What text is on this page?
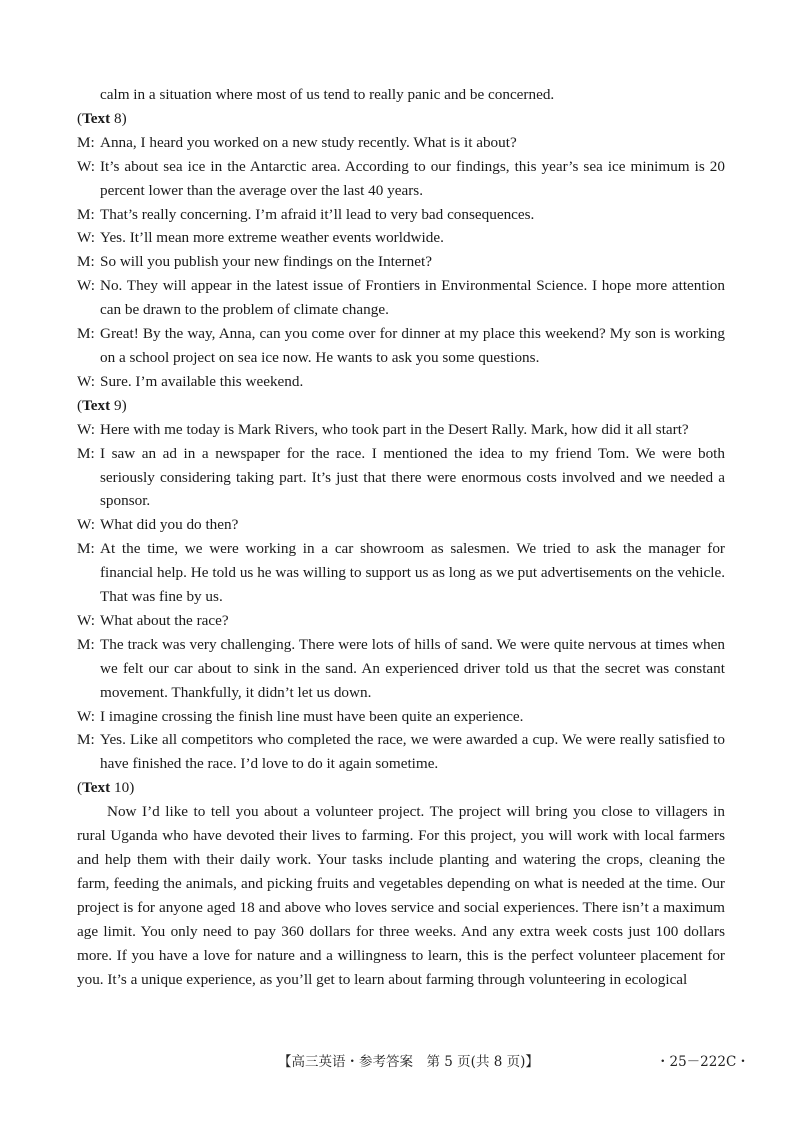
calm in a situation where most of us tend to really panic and be concerned.
(Text 8)
M: Anna, I heard you worked on a new study recently. What is it about?
W: It’s about sea ice in the Antarctic area. According to our findings, this year’s sea ice minimum is 20 percent lower than the average over the last 40 years.
M: That’s really concerning. I’m afraid it’ll lead to very bad consequences.
W: Yes. It’ll mean more extreme weather events worldwide.
M: So will you publish your new findings on the Internet?
W: No. They will appear in the latest issue of Frontiers in Environmental Science. I hope more attention can be drawn to the problem of climate change.
M: Great! By the way, Anna, can you come over for dinner at my place this weekend? My son is working on a school project on sea ice now. He wants to ask you some questions.
W: Sure. I’m available this weekend.
(Text 9)
W: Here with me today is Mark Rivers, who took part in the Desert Rally. Mark, how did it all start?
M: I saw an ad in a newspaper for the race. I mentioned the idea to my friend Tom. We were both seriously considering taking part. It’s just that there were enormous costs involved and we needed a sponsor.
W: What did you do then?
M: At the time, we were working in a car showroom as salesmen. We tried to ask the manager for financial help. He told us he was willing to support us as long as we put advertisements on the vehicle. That was fine by us.
W: What about the race?
M: The track was very challenging. There were lots of hills of sand. We were quite nervous at times when we felt our car about to sink in the sand. An experienced driver told us that the secret was constant movement. Thankfully, it didn’t let us down.
W: I imagine crossing the finish line must have been quite an experience.
M: Yes. Like all competitors who completed the race, we were awarded a cup. We were really satisfied to have finished the race. I’d love to do it again sometime.
(Text 10)
Now I’d like to tell you about a volunteer project. The project will bring you close to villagers in rural Uganda who have devoted their lives to farming. For this project, you will work with local farmers and help them with their daily work. Your tasks include planting and watering the crops, cleaning the farm, feeding the animals, and picking fruits and vegetables depending on what is needed at the time. Our project is for anyone aged 18 and above who loves service and social experiences. There isn’t a maximum age limit. You only need to pay 360 dollars for three weeks. And any extra week costs just 100 dollars more. If you have a love for nature and a willingness to learn, this is the perfect volunteer placement for you. It’s a unique experience, as you’ll get to learn about farming through volunteering in ecological
【高三英语・参考答案　第 5 页(共 8 页)】	・25－222C・
